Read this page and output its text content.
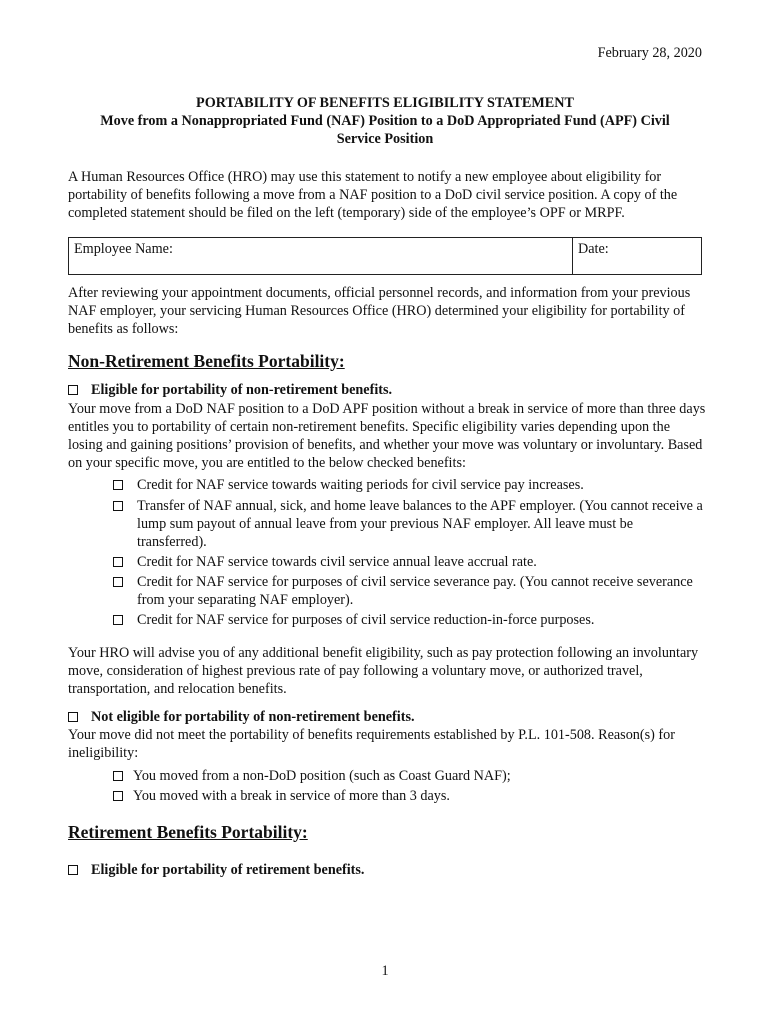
February 28, 2020
PORTABILITY OF BENEFITS ELIGIBILITY STATEMENT
Move from a Nonappropriated Fund (NAF) Position to a DoD Appropriated Fund (APF) Civil
Service Position
A Human Resources Office (HRO) may use this statement to notify a new employee about eligibility for portability of benefits following a move from a NAF position to a DoD civil service position. A copy of the completed statement should be filed on the left (temporary) side of the employee’s OPF or MRPF.
Employee Name:	Date:
After reviewing your appointment documents, official personnel records, and information from your previous NAF employer, your servicing Human Resources Office (HRO) determined your eligibility for portability of benefits as follows:
Non-Retirement Benefits Portability:
Eligible for portability of non-retirement benefits.
Your move from a DoD NAF position to a DoD APF position without a break in service of more than three days entitles you to portability of certain non-retirement benefits. Specific eligibility varies depending upon the losing and gaining positions’ provision of benefits, and whether your move was voluntary or involuntary. Based on your specific move, you are entitled to the below checked benefits:
Credit for NAF service towards waiting periods for civil service pay increases.
Transfer of NAF annual, sick, and home leave balances to the APF employer. (You cannot receive a lump sum payout of annual leave from your previous NAF employer. All leave must be transferred).
Credit for NAF service towards civil service annual leave accrual rate.
Credit for NAF service for purposes of civil service severance pay. (You cannot receive severance from your separating NAF employer).
Credit for NAF service for purposes of civil service reduction-in-force purposes.
Your HRO will advise you of any additional benefit eligibility, such as pay protection following an involuntary move, consideration of highest previous rate of pay following a voluntary move, or authorized travel, transportation, and relocation benefits.
Not eligible for portability of non-retirement benefits.
Your move did not meet the portability of benefits requirements established by P.L. 101-508. Reason(s) for ineligibility:
You moved from a non-DoD position (such as Coast Guard NAF);
You moved with a break in service of more than 3 days.
Retirement Benefits Portability:
Eligible for portability of retirement benefits.
1
